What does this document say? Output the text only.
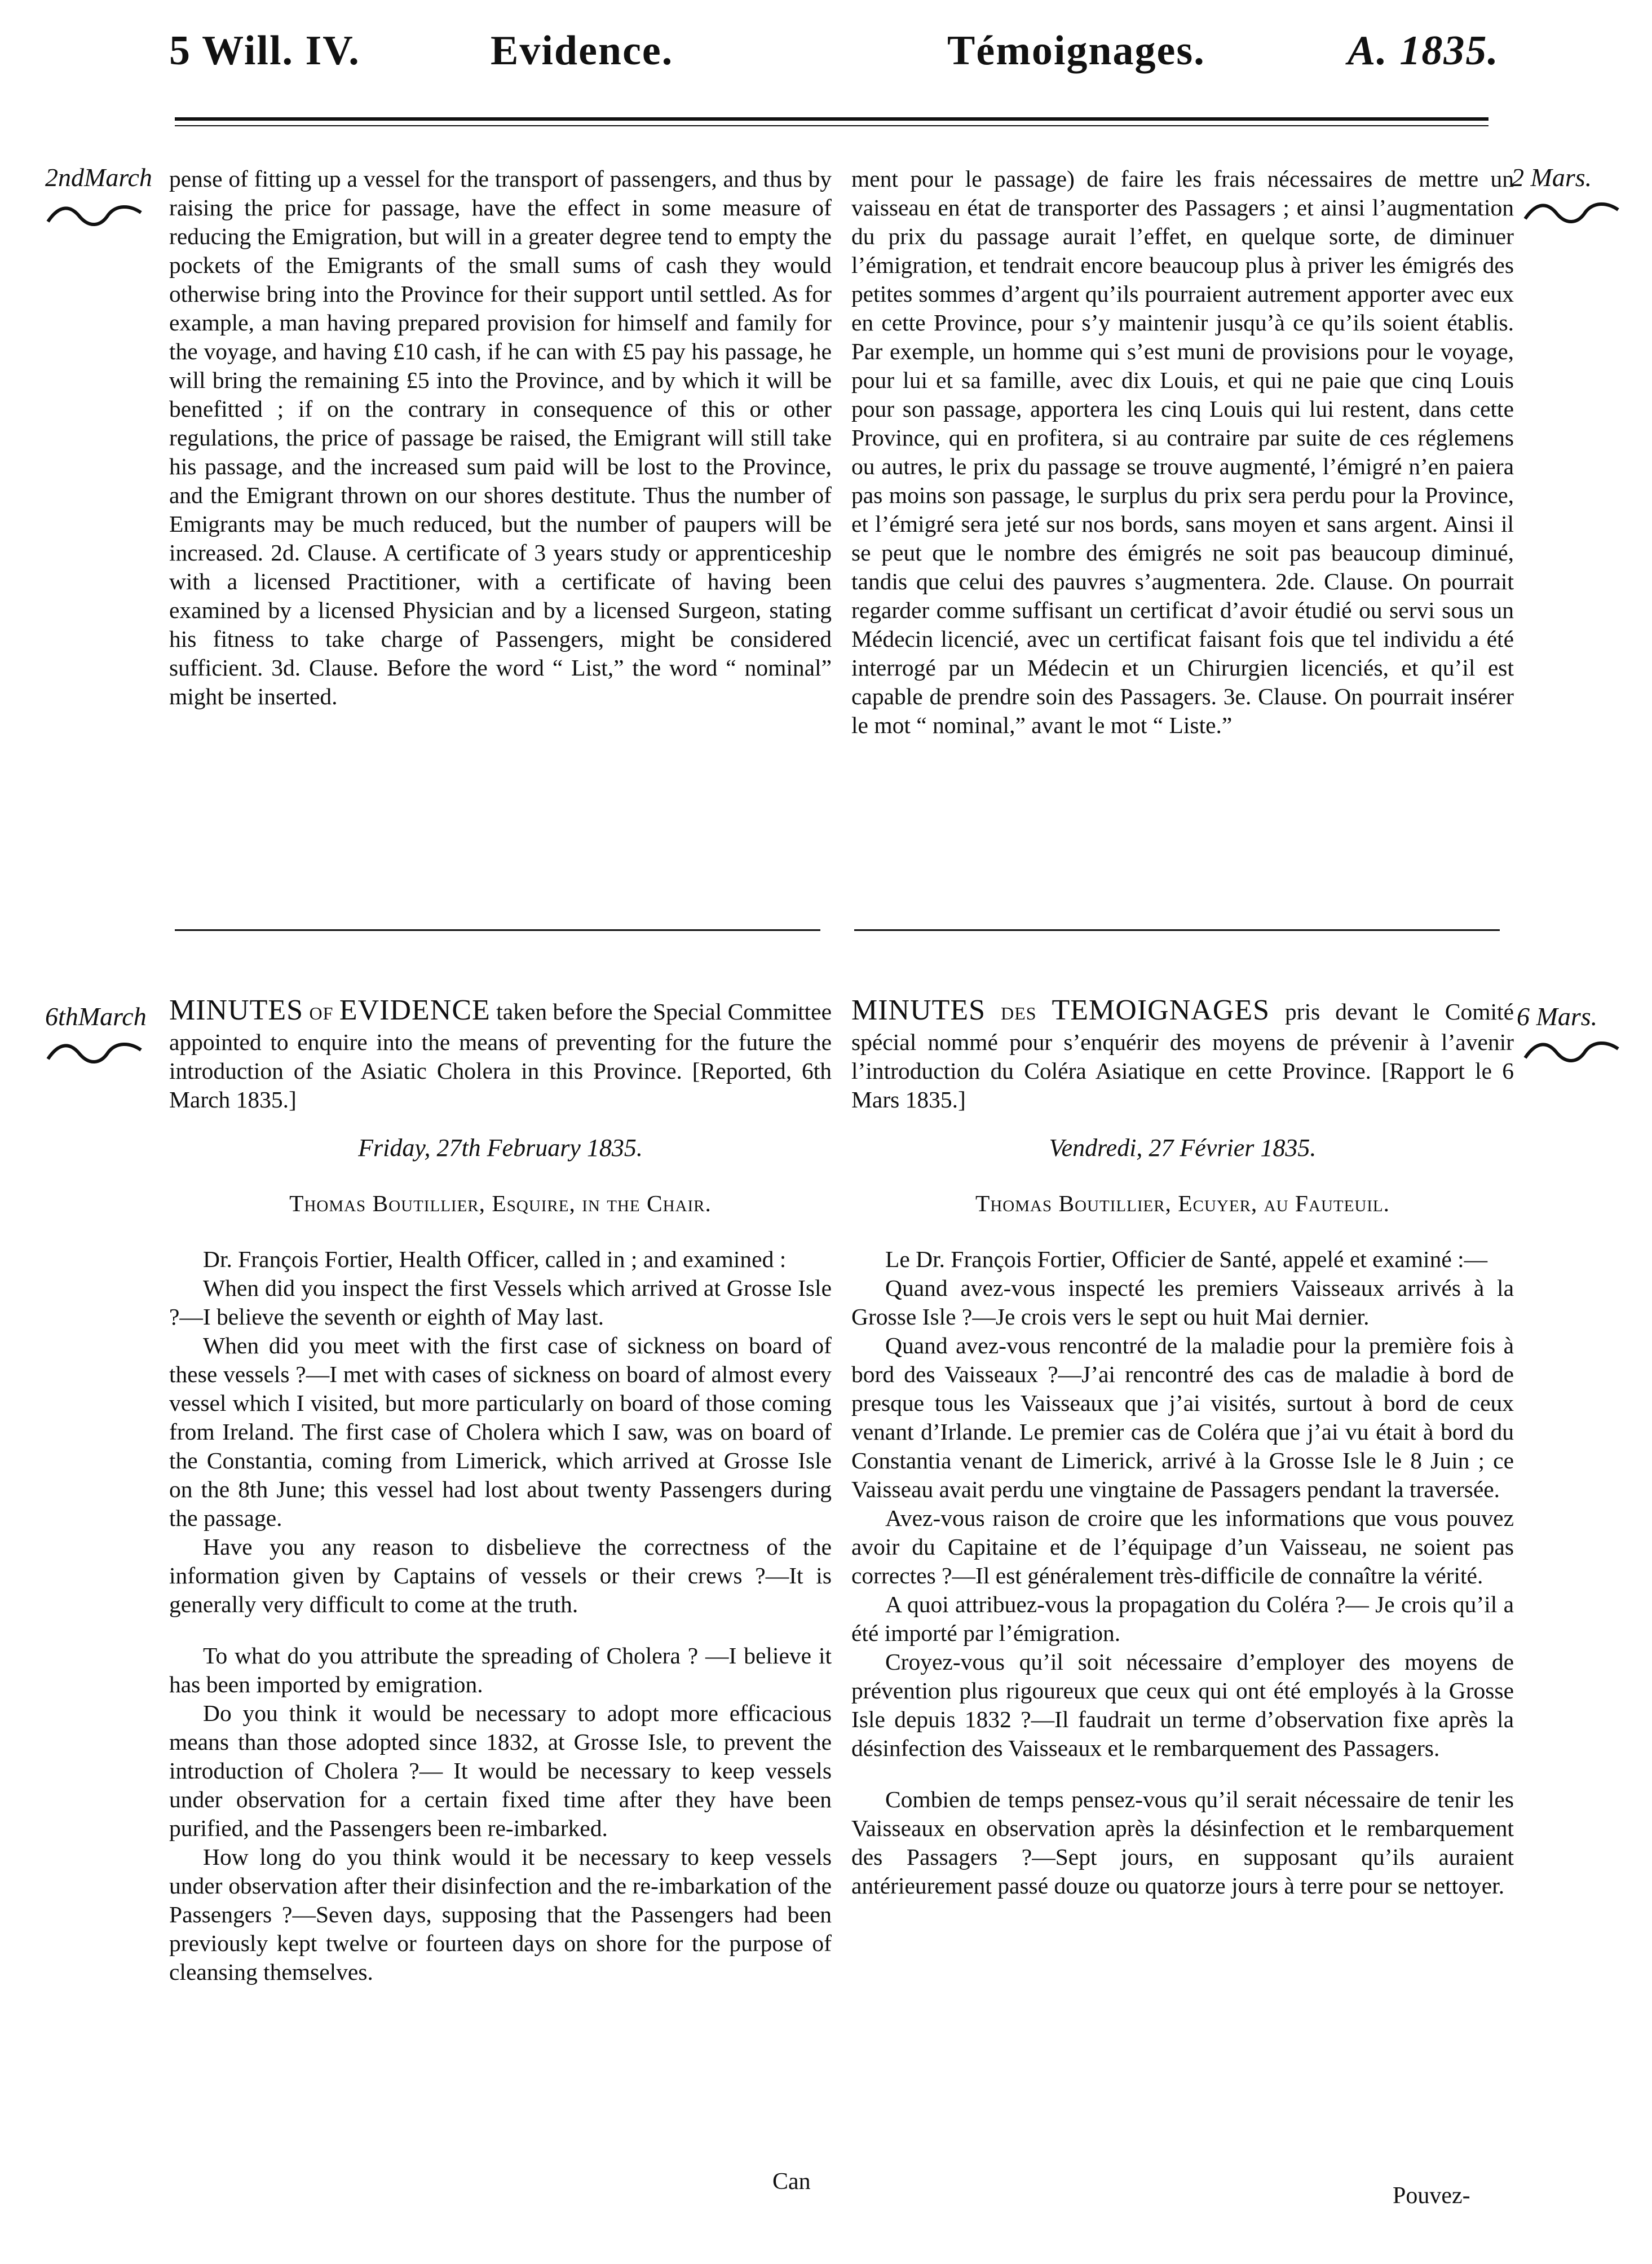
5 Will. IV.	Evidence.	Témoignages.	A. 1835.
2ndMarch	2 Mars.

pense of fitting up a vessel for the transport of passengers, and thus by raising the price for passage, have the effect in some measure of reducing the Emigration, but will in a greater degree tend to empty the pockets of the Emigrants of the small sums of cash they would otherwise bring into the Province for their support until settled. As for example, a man having prepared provision for himself and family for the voyage, and having £10 cash, if he can with £5 pay his passage, he will bring the remaining £5 into the Province, and by which it will be benefitted ; if on the contrary in consequence of this or other regulations, the price of passage be raised, the Emigrant will still take his passage, and the increased sum paid will be lost to the Province, and the Emigrant thrown on our shores destitute. Thus the number of Emigrants may be much reduced, but the number of paupers will be increased. 2d. Clause. A certificate of 3 years study or apprenticeship with a licensed Practitioner, with a certificate of having been examined by a licensed Physician and by a licensed Surgeon, stating his fitness to take charge of Passengers, might be considered sufficient. 3d. Clause. Before the word “ List,” the word “ nominal” might be inserted.

ment pour le passage) de faire les frais nécessaires de mettre un vaisseau en état de transporter des Passagers ; et ainsi l’augmentation du prix du passage aurait l’effet, en quelque sorte, de diminuer l’émigration, et tendrait encore beaucoup plus à priver les émigrés des petites sommes d’argent qu’ils pourraient autrement apporter avec eux en cette Province, pour s’y maintenir jusqu’à ce qu’ils soient établis. Par exemple, un homme qui s’est muni de provisions pour le voyage, pour lui et sa famille, avec dix Louis, et qui ne paie que cinq Louis pour son passage, apportera les cinq Louis qui lui restent, dans cette Province, qui en profitera, si au contraire par suite de ces réglemens ou autres, le prix du passage se trouve augmenté, l’émigré n’en paiera pas moins son passage, le surplus du prix sera perdu pour la Province, et l’émigré sera jeté sur nos bords, sans moyen et sans argent. Ainsi il se peut que le nombre des émigrés ne soit pas beaucoup diminué, tandis que celui des pauvres s’augmentera. 2de. Clause. On pourrait regarder comme suffisant un certificat d’avoir étudié ou servi sous un Médecin licencié, avec un certificat faisant fois que tel individu a été interrogé par un Médecin et un Chirurgien licenciés, et qu’il est capable de prendre soin des Passagers. 3e. Clause. On pourrait insérer le mot “ nominal,” avant le mot “ Liste.”

6thMarch	6 Mars.
MINUTES OF EVIDENCE taken before the Special Committee appointed to enquire into the means of preventing for the future the introduction of the Asiatic Cholera in this Province. [Reported, 6th March 1835.]

Friday, 27th February 1835.

Thomas Boutillier, Esquire, in the Chair.

Dr. François Fortier, Health Officer, called in ; and examined :

When did you inspect the first Vessels which arrived at Grosse Isle ?—I believe the seventh or eighth of May last.

When did you meet with the first case of sickness on board of these vessels ?—I met with cases of sickness on board of almost every vessel which I visited, but more particularly on board of those coming from Ireland. The first case of Cholera which I saw, was on board of the Constantia, coming from Limerick, which arrived at Grosse Isle on the 8th June; this vessel had lost about twenty Passengers during the passage.

Have you any reason to disbelieve the correctness of the information given by Captains of vessels or their crews ?—It is generally very difficult to come at the truth.

To what do you attribute the spreading of Cholera ? —I believe it has been imported by emigration.

Do you think it would be necessary to adopt more efficacious means than those adopted since 1832, at Grosse Isle, to prevent the introduction of Cholera ?— It would be necessary to keep vessels under observation for a certain fixed time after they have been purified, and the Passengers been re-imbarked.

How long do you think would it be necessary to keep vessels under observation after their disinfection and the re-imbarkation of the Passengers ?—Seven days, supposing that the Passengers had been previously kept twelve or fourteen days on shore for the purpose of cleansing themselves.

MINUTES DES TEMOIGNAGES pris devant le Comité spécial nommé pour s’enquérir des moyens de prévenir à l’avenir l’introduction du Coléra Asiatique en cette Province. [Rapport le 6 Mars 1835.]

Vendredi, 27 Février 1835.

Thomas Boutillier, Ecuyer, au Fauteuil.

Le Dr. François Fortier, Officier de Santé, appelé et examiné :—

Quand avez-vous inspecté les premiers Vaisseaux arrivés à la Grosse Isle ?—Je crois vers le sept ou huit Mai dernier.

Quand avez-vous rencontré de la maladie pour la première fois à bord des Vaisseaux ?—J’ai rencontré des cas de maladie à bord de presque tous les Vaisseaux que j’ai visités, surtout à bord de ceux venant d’Irlande. Le premier cas de Coléra que j’ai vu était à bord du Constantia venant de Limerick, arrivé à la Grosse Isle le 8 Juin ; ce Vaisseau avait perdu une vingtaine de Passagers pendant la traversée.

Avez-vous raison de croire que les informations que vous pouvez avoir du Capitaine et de l’équipage d’un Vaisseau, ne soient pas correctes ?—Il est généralement très-difficile de connaître la vérité.

A quoi attribuez-vous la propagation du Coléra ?— Je crois qu’il a été importé par l’émigration.

Croyez-vous qu’il soit nécessaire d’employer des moyens de prévention plus rigoureux que ceux qui ont été employés à la Grosse Isle depuis 1832 ?—Il faudrait un terme d’observation fixe après la désinfection des Vaisseaux et le rembarquement des Passagers.

Combien de temps pensez-vous qu’il serait nécessaire de tenir les Vaisseaux en observation après la désinfection et le rembarquement des Passagers ?—Sept jours, en supposant qu’ils auraient antérieurement passé douze ou quatorze jours à terre pour se nettoyer.

Can
Pouvez-
